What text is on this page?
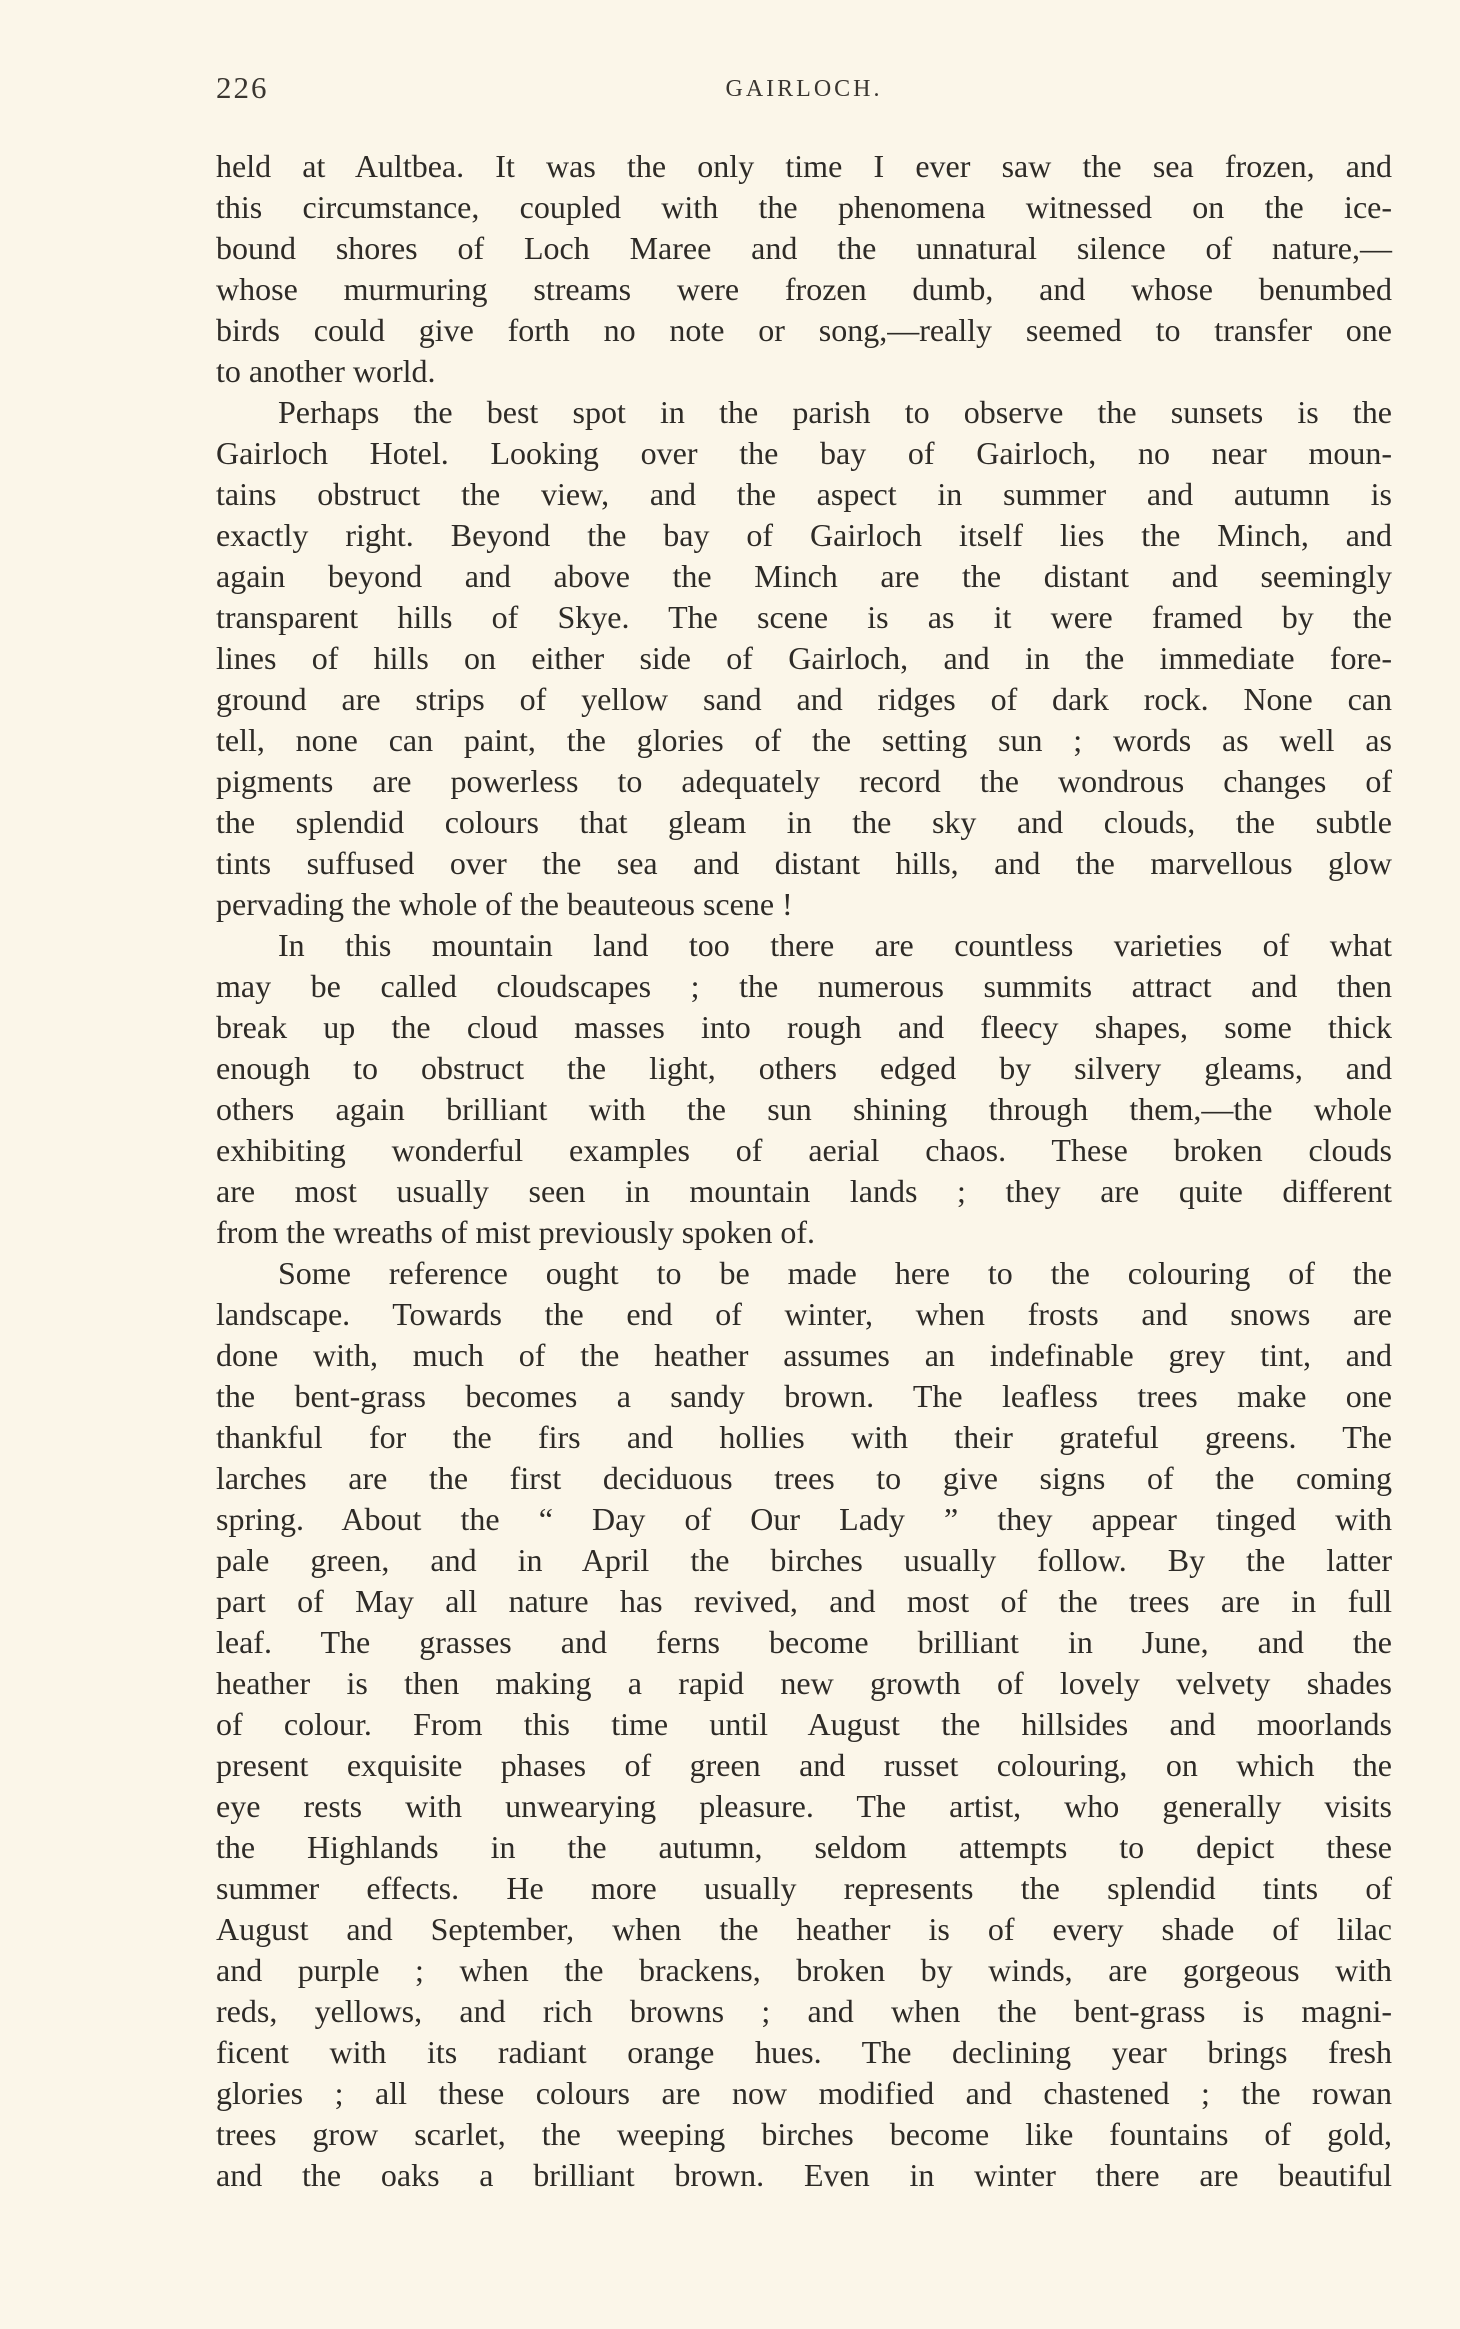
226	GAIRLOCH.
held at Aultbea. It was the only time I ever saw the sea frozen, and
this circumstance, coupled with the phenomena witnessed on the ice-
bound shores of Loch Maree and the unnatural silence of nature,—
whose murmuring streams were frozen dumb, and whose benumbed
birds could give forth no note or song,—really seemed to transfer one
to another world.
Perhaps the best spot in the parish to observe the sunsets is the
Gairloch Hotel. Looking over the bay of Gairloch, no near moun-
tains obstruct the view, and the aspect in summer and autumn is
exactly right. Beyond the bay of Gairloch itself lies the Minch, and
again beyond and above the Minch are the distant and seemingly
transparent hills of Skye. The scene is as it were framed by the
lines of hills on either side of Gairloch, and in the immediate fore-
ground are strips of yellow sand and ridges of dark rock. None can
tell, none can paint, the glories of the setting sun ; words as well as
pigments are powerless to adequately record the wondrous changes of
the splendid colours that gleam in the sky and clouds, the subtle
tints suffused over the sea and distant hills, and the marvellous glow
pervading the whole of the beauteous scene !
In this mountain land too there are countless varieties of what
may be called cloudscapes ; the numerous summits attract and then
break up the cloud masses into rough and fleecy shapes, some thick
enough to obstruct the light, others edged by silvery gleams, and
others again brilliant with the sun shining through them,—the whole
exhibiting wonderful examples of aerial chaos. These broken clouds
are most usually seen in mountain lands ; they are quite different
from the wreaths of mist previously spoken of.
Some reference ought to be made here to the colouring of the
landscape. Towards the end of winter, when frosts and snows are
done with, much of the heather assumes an indefinable grey tint, and
the bent-grass becomes a sandy brown. The leafless trees make one
thankful for the firs and hollies with their grateful greens. The
larches are the first deciduous trees to give signs of the coming
spring. About the “ Day of Our Lady ” they appear tinged with
pale green, and in April the birches usually follow. By the latter
part of May all nature has revived, and most of the trees are in full
leaf. The grasses and ferns become brilliant in June, and the
heather is then making a rapid new growth of lovely velvety shades
of colour. From this time until August the hillsides and moorlands
present exquisite phases of green and russet colouring, on which the
eye rests with unwearying pleasure. The artist, who generally visits
the Highlands in the autumn, seldom attempts to depict these
summer effects. He more usually represents the splendid tints of
August and September, when the heather is of every shade of lilac
and purple ; when the brackens, broken by winds, are gorgeous with
reds, yellows, and rich browns ; and when the bent-grass is magni-
ficent with its radiant orange hues. The declining year brings fresh
glories ; all these colours are now modified and chastened ; the rowan
trees grow scarlet, the weeping birches become like fountains of gold,
and the oaks a brilliant brown. Even in winter there are beautiful
